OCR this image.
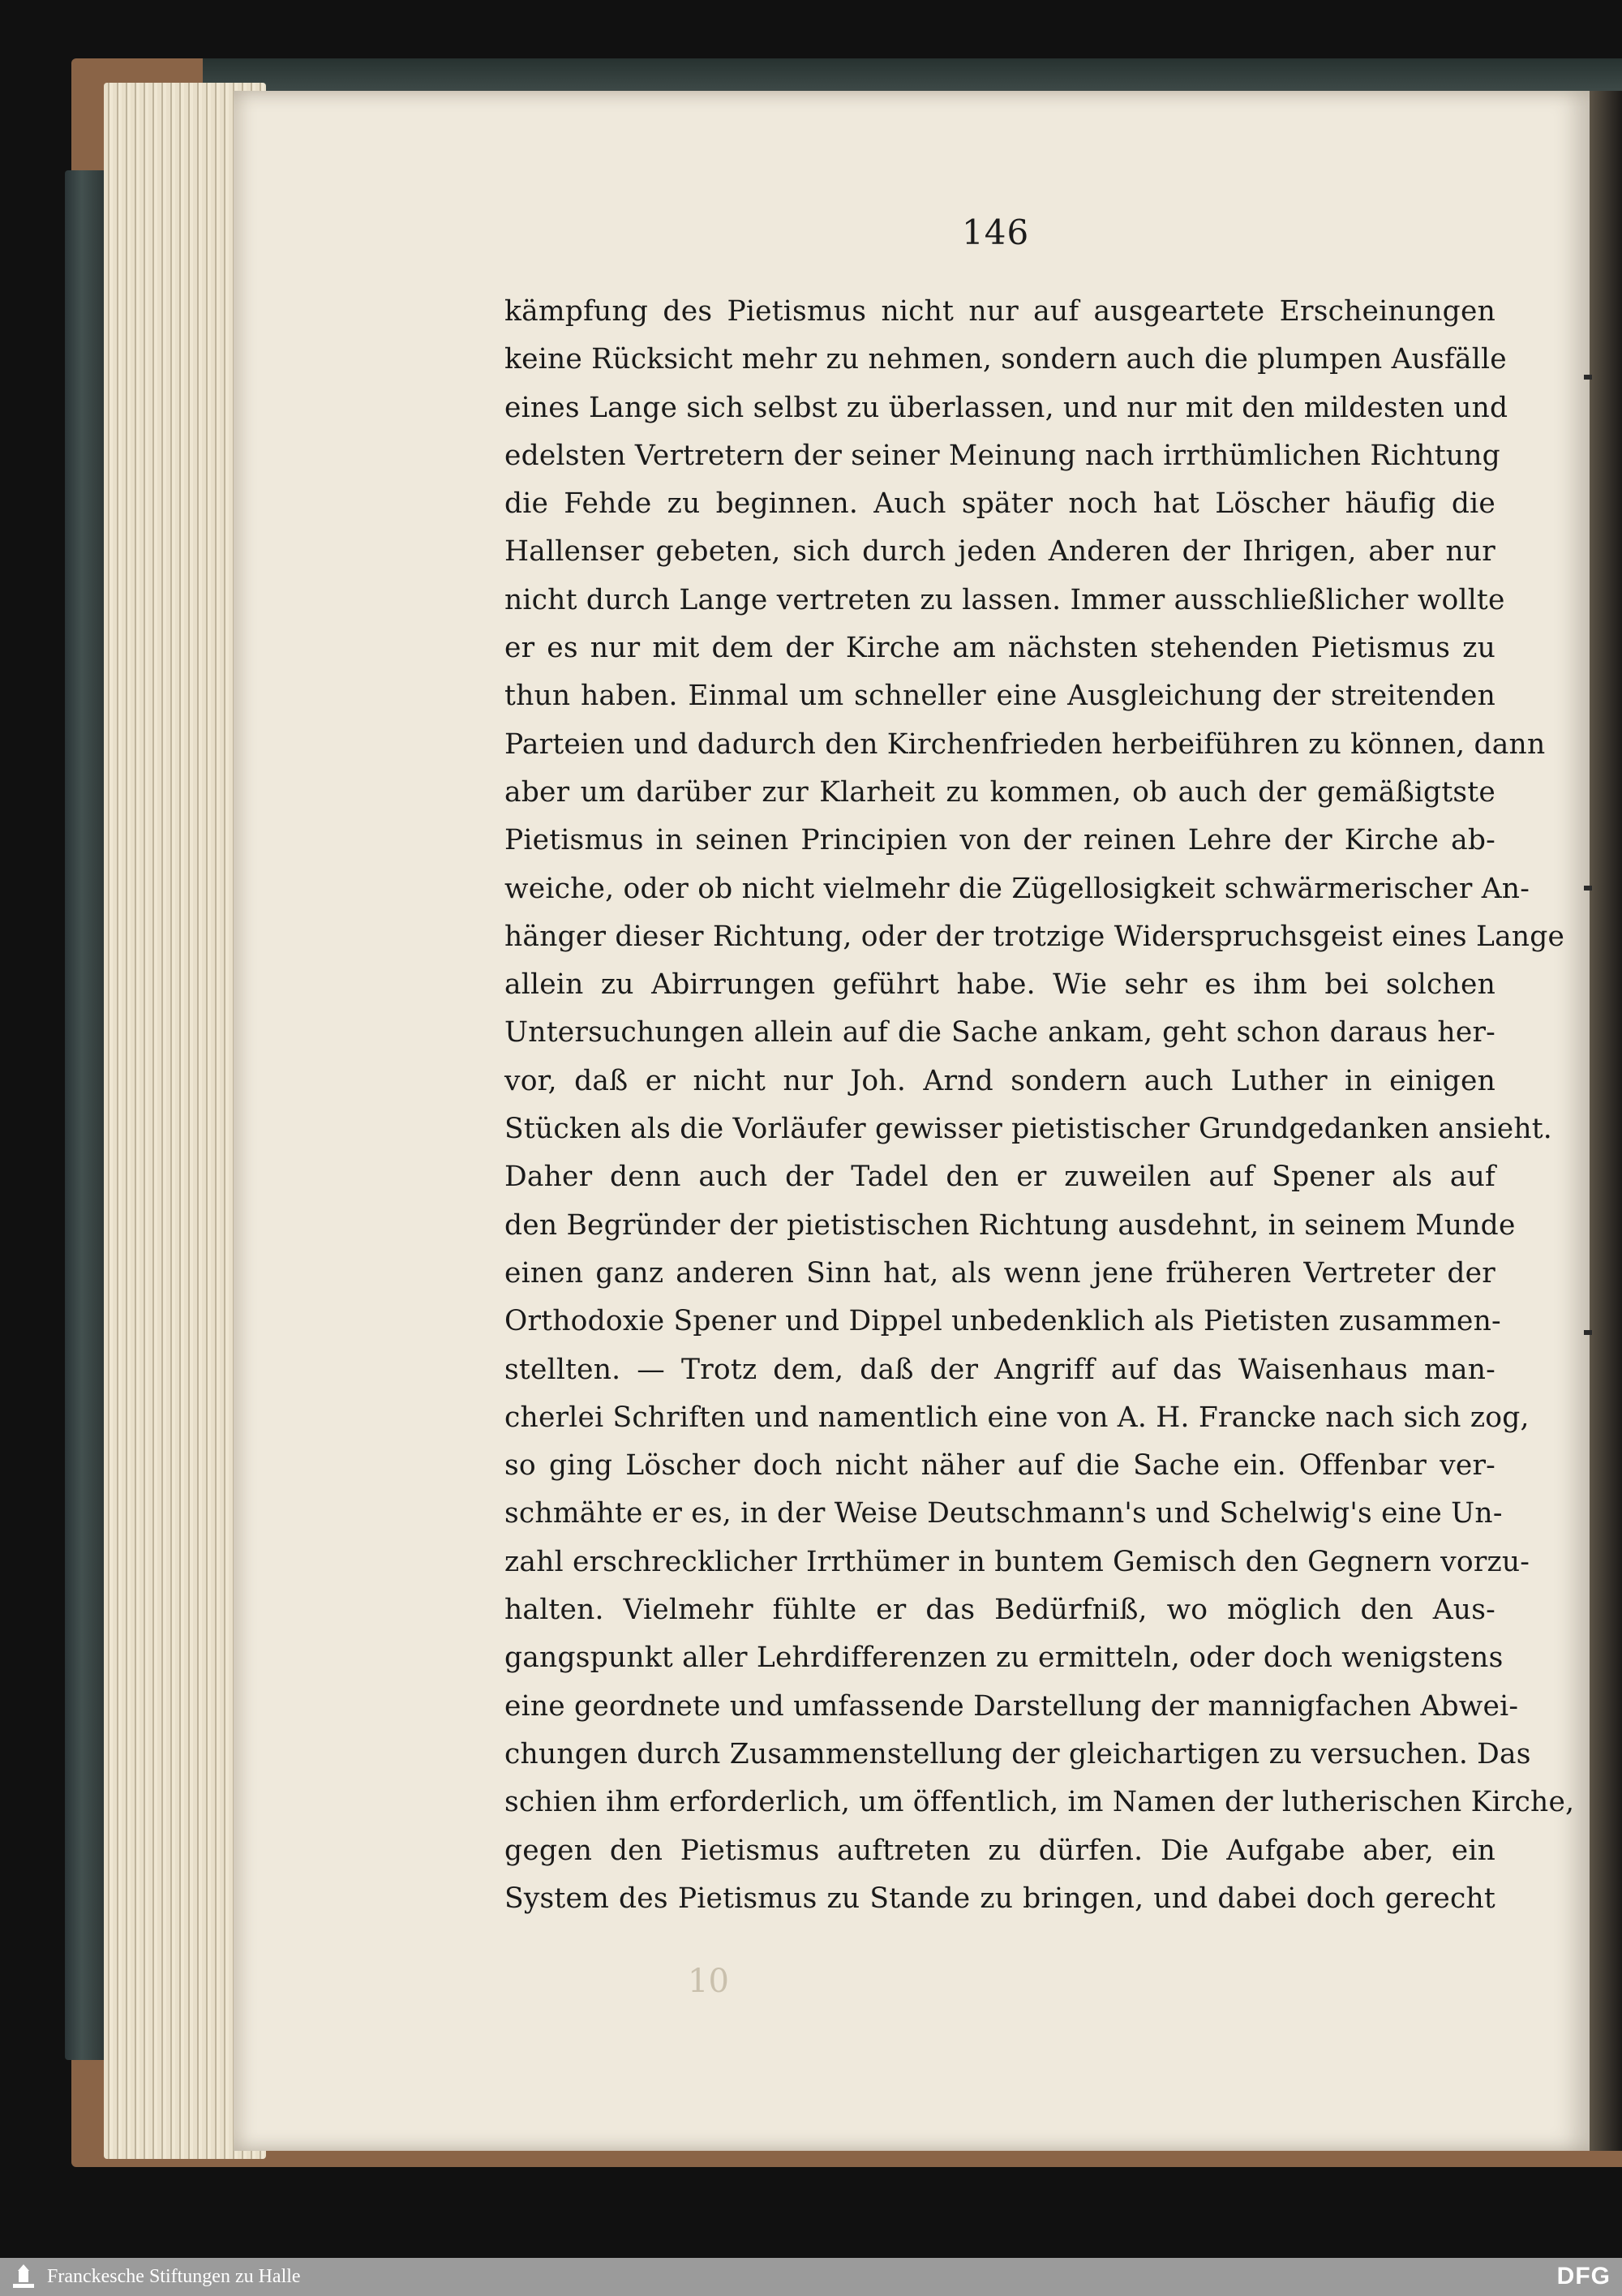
146
kämpfung des Pietismus nicht nur auf ausgeartete Erscheinungen
keine Rücksicht mehr zu nehmen, sondern auch die plumpen Ausfälle
eines Lange sich selbst zu überlassen, und nur mit den mildesten und
edelsten Vertretern der seiner Meinung nach irrthümlichen Richtung
die Fehde zu beginnen. Auch später noch hat Löscher häufig die
Hallenser gebeten, sich durch jeden Anderen der Ihrigen, aber nur
nicht durch Lange vertreten zu lassen. Immer ausschließlicher wollte
er es nur mit dem der Kirche am nächsten stehenden Pietismus zu
thun haben. Einmal um schneller eine Ausgleichung der streitenden
Parteien und dadurch den Kirchenfrieden herbeiführen zu können, dann
aber um darüber zur Klarheit zu kommen, ob auch der gemäßigtste
Pietismus in seinen Principien von der reinen Lehre der Kirche ab-
weiche, oder ob nicht vielmehr die Zügellosigkeit schwärmerischer An-
hänger dieser Richtung, oder der trotzige Widerspruchsgeist eines Lange
allein zu Abirrungen geführt habe. Wie sehr es ihm bei solchen
Untersuchungen allein auf die Sache ankam, geht schon daraus her-
vor, daß er nicht nur Joh. Arnd sondern auch Luther in einigen
Stücken als die Vorläufer gewisser pietistischer Grundgedanken ansieht.
Daher denn auch der Tadel den er zuweilen auf Spener als auf
den Begründer der pietistischen Richtung ausdehnt, in seinem Munde
einen ganz anderen Sinn hat, als wenn jene früheren Vertreter der
Orthodoxie Spener und Dippel unbedenklich als Pietisten zusammen-
stellten. — Trotz dem, daß der Angriff auf das Waisenhaus man-
cherlei Schriften und namentlich eine von A. H. Francke nach sich zog,
so ging Löscher doch nicht näher auf die Sache ein. Offenbar ver-
schmähte er es, in der Weise Deutschmann's und Schelwig's eine Un-
zahl erschrecklicher Irrthümer in buntem Gemisch den Gegnern vorzu-
halten. Vielmehr fühlte er das Bedürfniß, wo möglich den Aus-
gangspunkt aller Lehrdifferenzen zu ermitteln, oder doch wenigstens
eine geordnete und umfassende Darstellung der mannigfachen Abwei-
chungen durch Zusammenstellung der gleichartigen zu versuchen. Das
schien ihm erforderlich, um öffentlich, im Namen der lutherischen Kirche,
gegen den Pietismus auftreten zu dürfen. Die Aufgabe aber, ein
System des Pietismus zu Stande zu bringen, und dabei doch gerecht
10
Franckesche Stiftungen zu Halle	DFG
